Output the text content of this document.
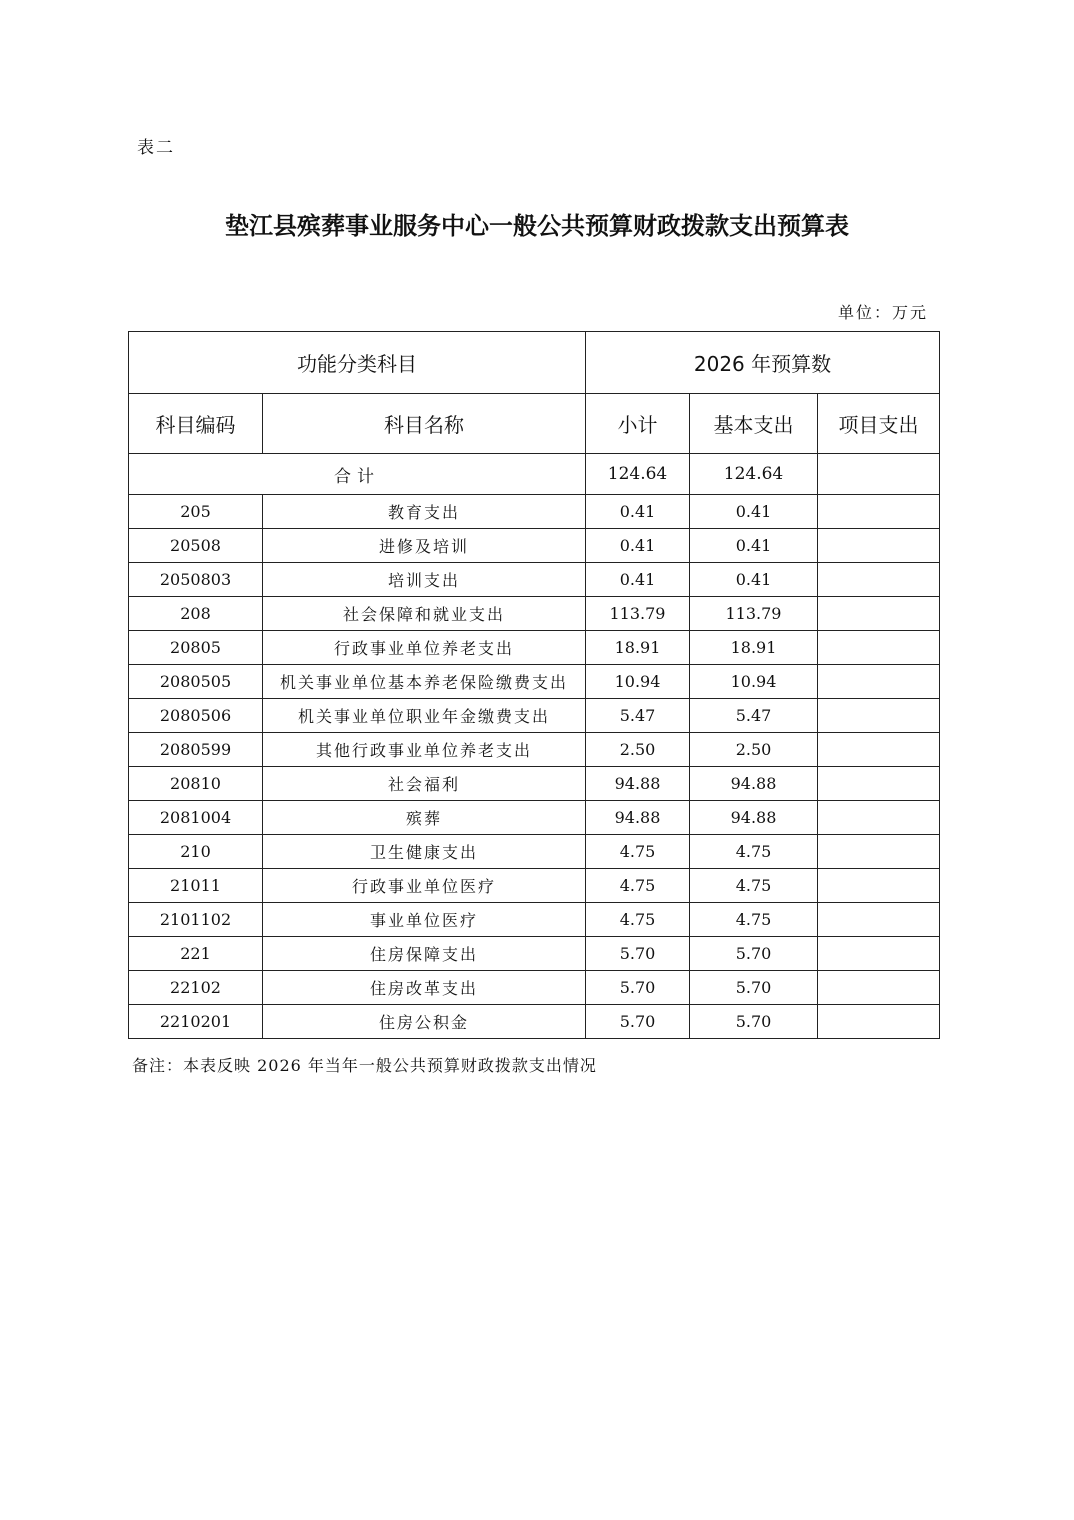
表二
垫江县殡葬事业服务中心一般公共预算财政拨款支出预算表
单位：万元
功能分类科目		2026 年预算数		
科目编码	科目名称	小计	基本支出	项目支出
合计		124.64	124.64	
205	教育支出	0.41	0.41	
20508	进修及培训	0.41	0.41	
2050803	培训支出	0.41	0.41	
208	社会保障和就业支出	113.79	113.79	
20805	行政事业单位养老支出	18.91	18.91	
2080505	机关事业单位基本养老保险缴费支出	10.94	10.94	
2080506	机关事业单位职业年金缴费支出	5.47	5.47	
2080599	其他行政事业单位养老支出	2.50	2.50	
20810	社会福利	94.88	94.88	
2081004	殡葬	94.88	94.88	
210	卫生健康支出	4.75	4.75	
21011	行政事业单位医疗	4.75	4.75	
2101102	事业单位医疗	4.75	4.75	
221	住房保障支出	5.70	5.70	
22102	住房改革支出	5.70	5.70	
2210201	住房公积金	5.70	5.70	
备注：本表反映 2026 年当年一般公共预算财政拨款支出情况
